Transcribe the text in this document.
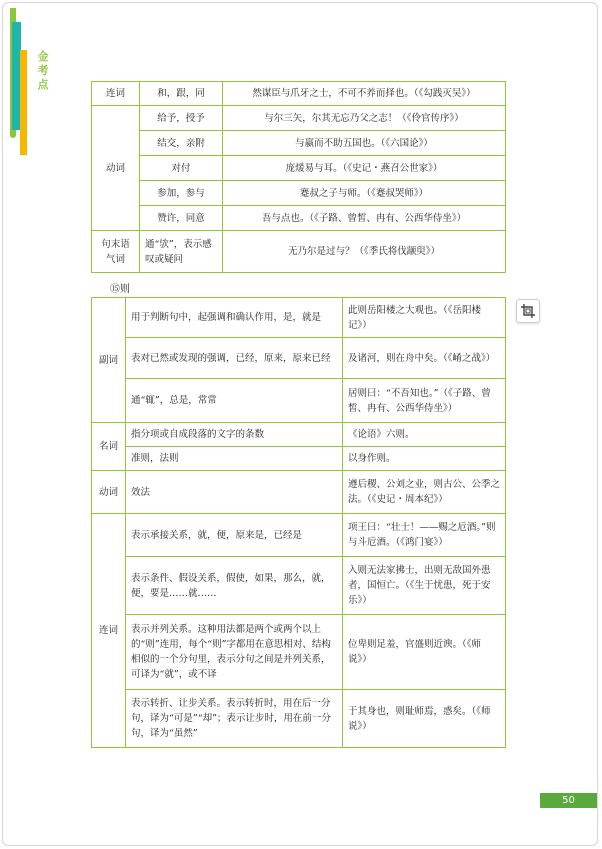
金考点
连词	和，跟，同	然谋臣与爪牙之士，不可不养而择也。（《勾践灭吴》）
动词	给予，授予	与尔三矢，尔其无忘乃父之志！（《伶官传序》）
	结交，亲附	与嬴而不助五国也。（《六国论》）
	对付	庞煖易与耳。（《史记・燕召公世家》）
	参加，参与	蹇叔之子与师。（《蹇叔哭师》）
	赞许，同意	吾与点也。（《子路、曾皙、冉有、公西华侍坐》）
句末语气词	通“欤”，表示感叹或疑问	无乃尔是过与？（《季氏将伐颛臾》）
⑮则
副词	用于判断句中，起强调和确认作用，是，就是	此则岳阳楼之大观也。（《岳阳楼记》）
	表对已然或发现的强调，已经，原来，原来已经	及诸河，则在舟中矣。（《崤之战》）
	通“辄”，总是，常常	居则曰：“不吾知也。”（《子路、曾皙、冉有、公西华侍坐》）
名词	指分项或自成段落的文字的条数	《论语》六则。
	准则，法则	以身作则。
动词	效法	遵后稷、公刘之业，则古公、公季之法。（《史记・周本纪》）
连词	表示承接关系，就，便，原来是，已经是	项王曰：“壮士！——赐之卮酒。”则与斗卮酒。（《鸿门宴》）
	表示条件、假设关系，假使，如果，那么，就，便，要是……就……	入则无法家拂士，出则无敌国外患者，国恒亡。（《生于忧患，死于安乐》）
	表示并列关系。这种用法都是两个或两个以上的“则”连用，每个“则”字都用在意思相对、结构相似的一个分句里，表示分句之间是并列关系，可译为“就”，或不译	位卑则足羞，官盛则近谀。（《师说》）
	表示转折、让步关系。表示转折时，用在后一分句，译为“可是”“却”；表示让步时，用在前一分句，译为“虽然”	于其身也，则耻师焉，惑矣。（《师说》）
50
